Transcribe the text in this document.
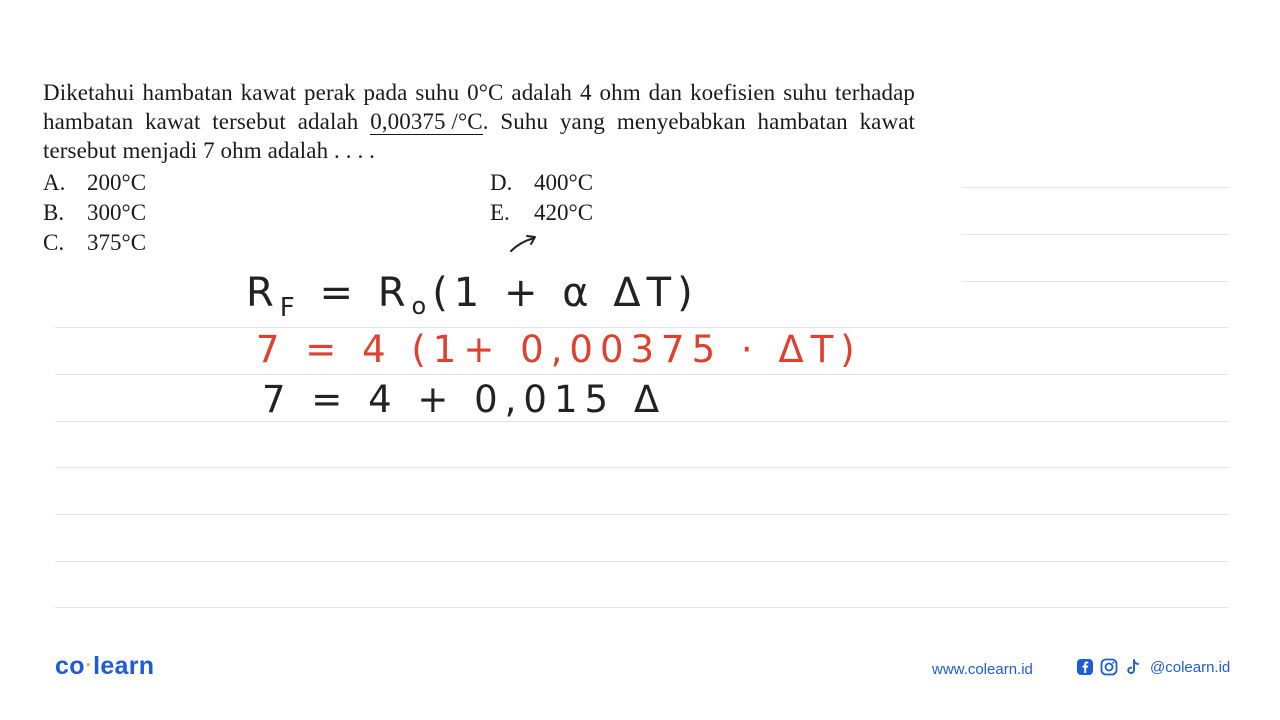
Diketahui hambatan kawat perak pada suhu 0°C adalah 4 ohm dan koefisien suhu terhadap hambatan kawat tersebut adalah 0,00375 /°C. Suhu yang menyebabkan hambatan kawat tersebut menjadi 7 ohm adalah . . . .
A. 200°C
B. 300°C
C. 375°C
D. 400°C
E. 420°C
$R_F = R_o(1 + \alpha$ ΔT)
7 = 4 (1+ 0,00375 · ΔT)
7 = 4 + 0,015 Δ
co·learn	www.colearn.id	@colearn.id
